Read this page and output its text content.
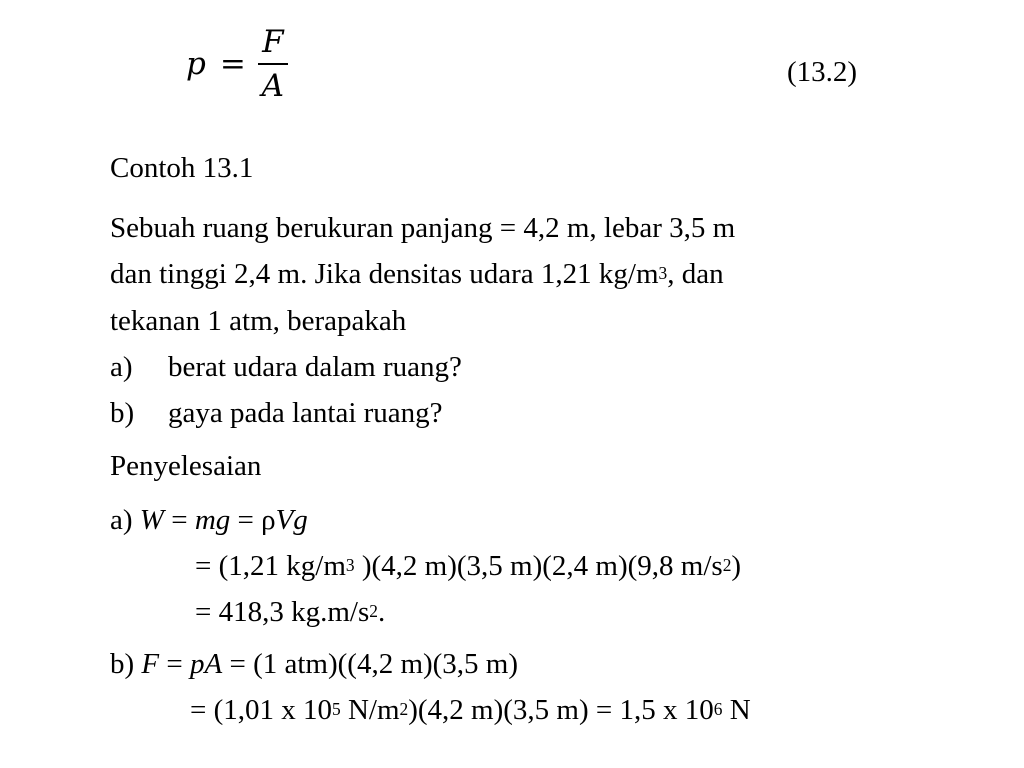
$p = \frac{F}{A}$	(13.2)
Contoh 13.1
Sebuah ruang berukuran panjang = 4,2 m, lebar 3,5 m
dan tinggi 2,4 m. Jika densitas udara 1,21 $kg/m^3$, dan
tekanan 1 atm, berapakah
a) berat udara dalam ruang?
b) gaya pada lantai ruang?
Penyelesaian
a) W = mg = ρVg
= (1,21 $kg/m^3$ )(4,2 m)(3,5 m)(2,4 m)(9,8 $m/s^2$)
= 418,3 $kg.m/s^2$.
b) F = pA = (1 atm)((4,2 m)(3,5 m)
= (1,01 x $10^5$ $N/m^2)(4,2$ m)(3,5 m) = 1,5 x $10^6$ N
